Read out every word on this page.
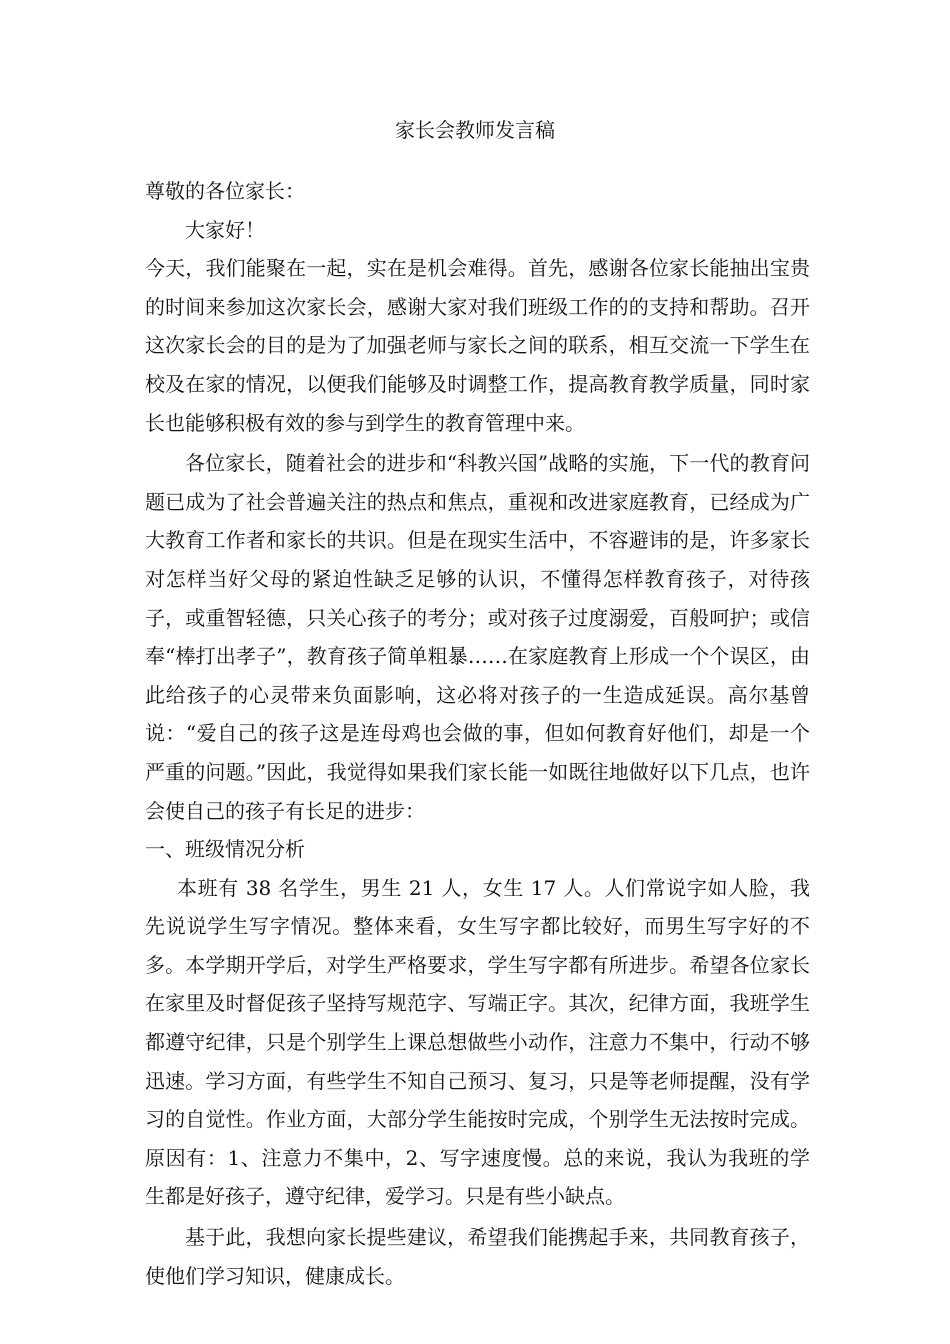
家长会教师发言稿

尊敬的各位家长：

大家好！

今天，我们能聚在一起，实在是机会难得。首先，感谢各位家长能抽出宝贵的时间来参加这次家长会，感谢大家对我们班级工作的的支持和帮助。召开这次家长会的目的是为了加强老师与家长之间的联系，相互交流一下学生在校及在家的情况，以便我们能够及时调整工作，提高教育教学质量，同时家长也能够积极有效的参与到学生的教育管理中来。

各位家长，随着社会的进步和“科教兴国”战略的实施，下一代的教育问题已成为了社会普遍关注的热点和焦点，重视和改进家庭教育，已经成为广大教育工作者和家长的共识。但是在现实生活中，不容避讳的是，许多家长对怎样当好父母的紧迫性缺乏足够的认识，不懂得怎样教育孩子，对待孩子，或重智轻德，只关心孩子的考分；或对孩子过度溺爱，百般呵护；或信奉“棒打出孝子”，教育孩子简单粗暴……在家庭教育上形成一个个误区，由此给孩子的心灵带来负面影响，这必将对孩子的一生造成延误。高尔基曾说：“爱自己的孩子这是连母鸡也会做的事，但如何教育好他们，却是一个严重的问题。”因此，我觉得如果我们家长能一如既往地做好以下几点，也许会使自己的孩子有长足的进步：

一、班级情况分析

本班有 38 名学生，男生 21 人，女生 17 人。人们常说字如人脸，我先说说学生写字情况。整体来看，女生写字都比较好，而男生写字好的不多。本学期开学后，对学生严格要求，学生写字都有所进步。希望各位家长在家里及时督促孩子坚持写规范字、写端正字。其次，纪律方面，我班学生都遵守纪律，只是个别学生上课总想做些小动作，注意力不集中，行动不够迅速。学习方面，有些学生不知自己预习、复习，只是等老师提醒，没有学习的自觉性。作业方面，大部分学生能按时完成，个别学生无法按时完成。原因有：1、注意力不集中，2、写字速度慢。总的来说，我认为我班的学生都是好孩子，遵守纪律，爱学习。只是有些小缺点。

基于此，我想向家长提些建议，希望我们能携起手来，共同教育孩子，使他们学习知识，健康成长。
